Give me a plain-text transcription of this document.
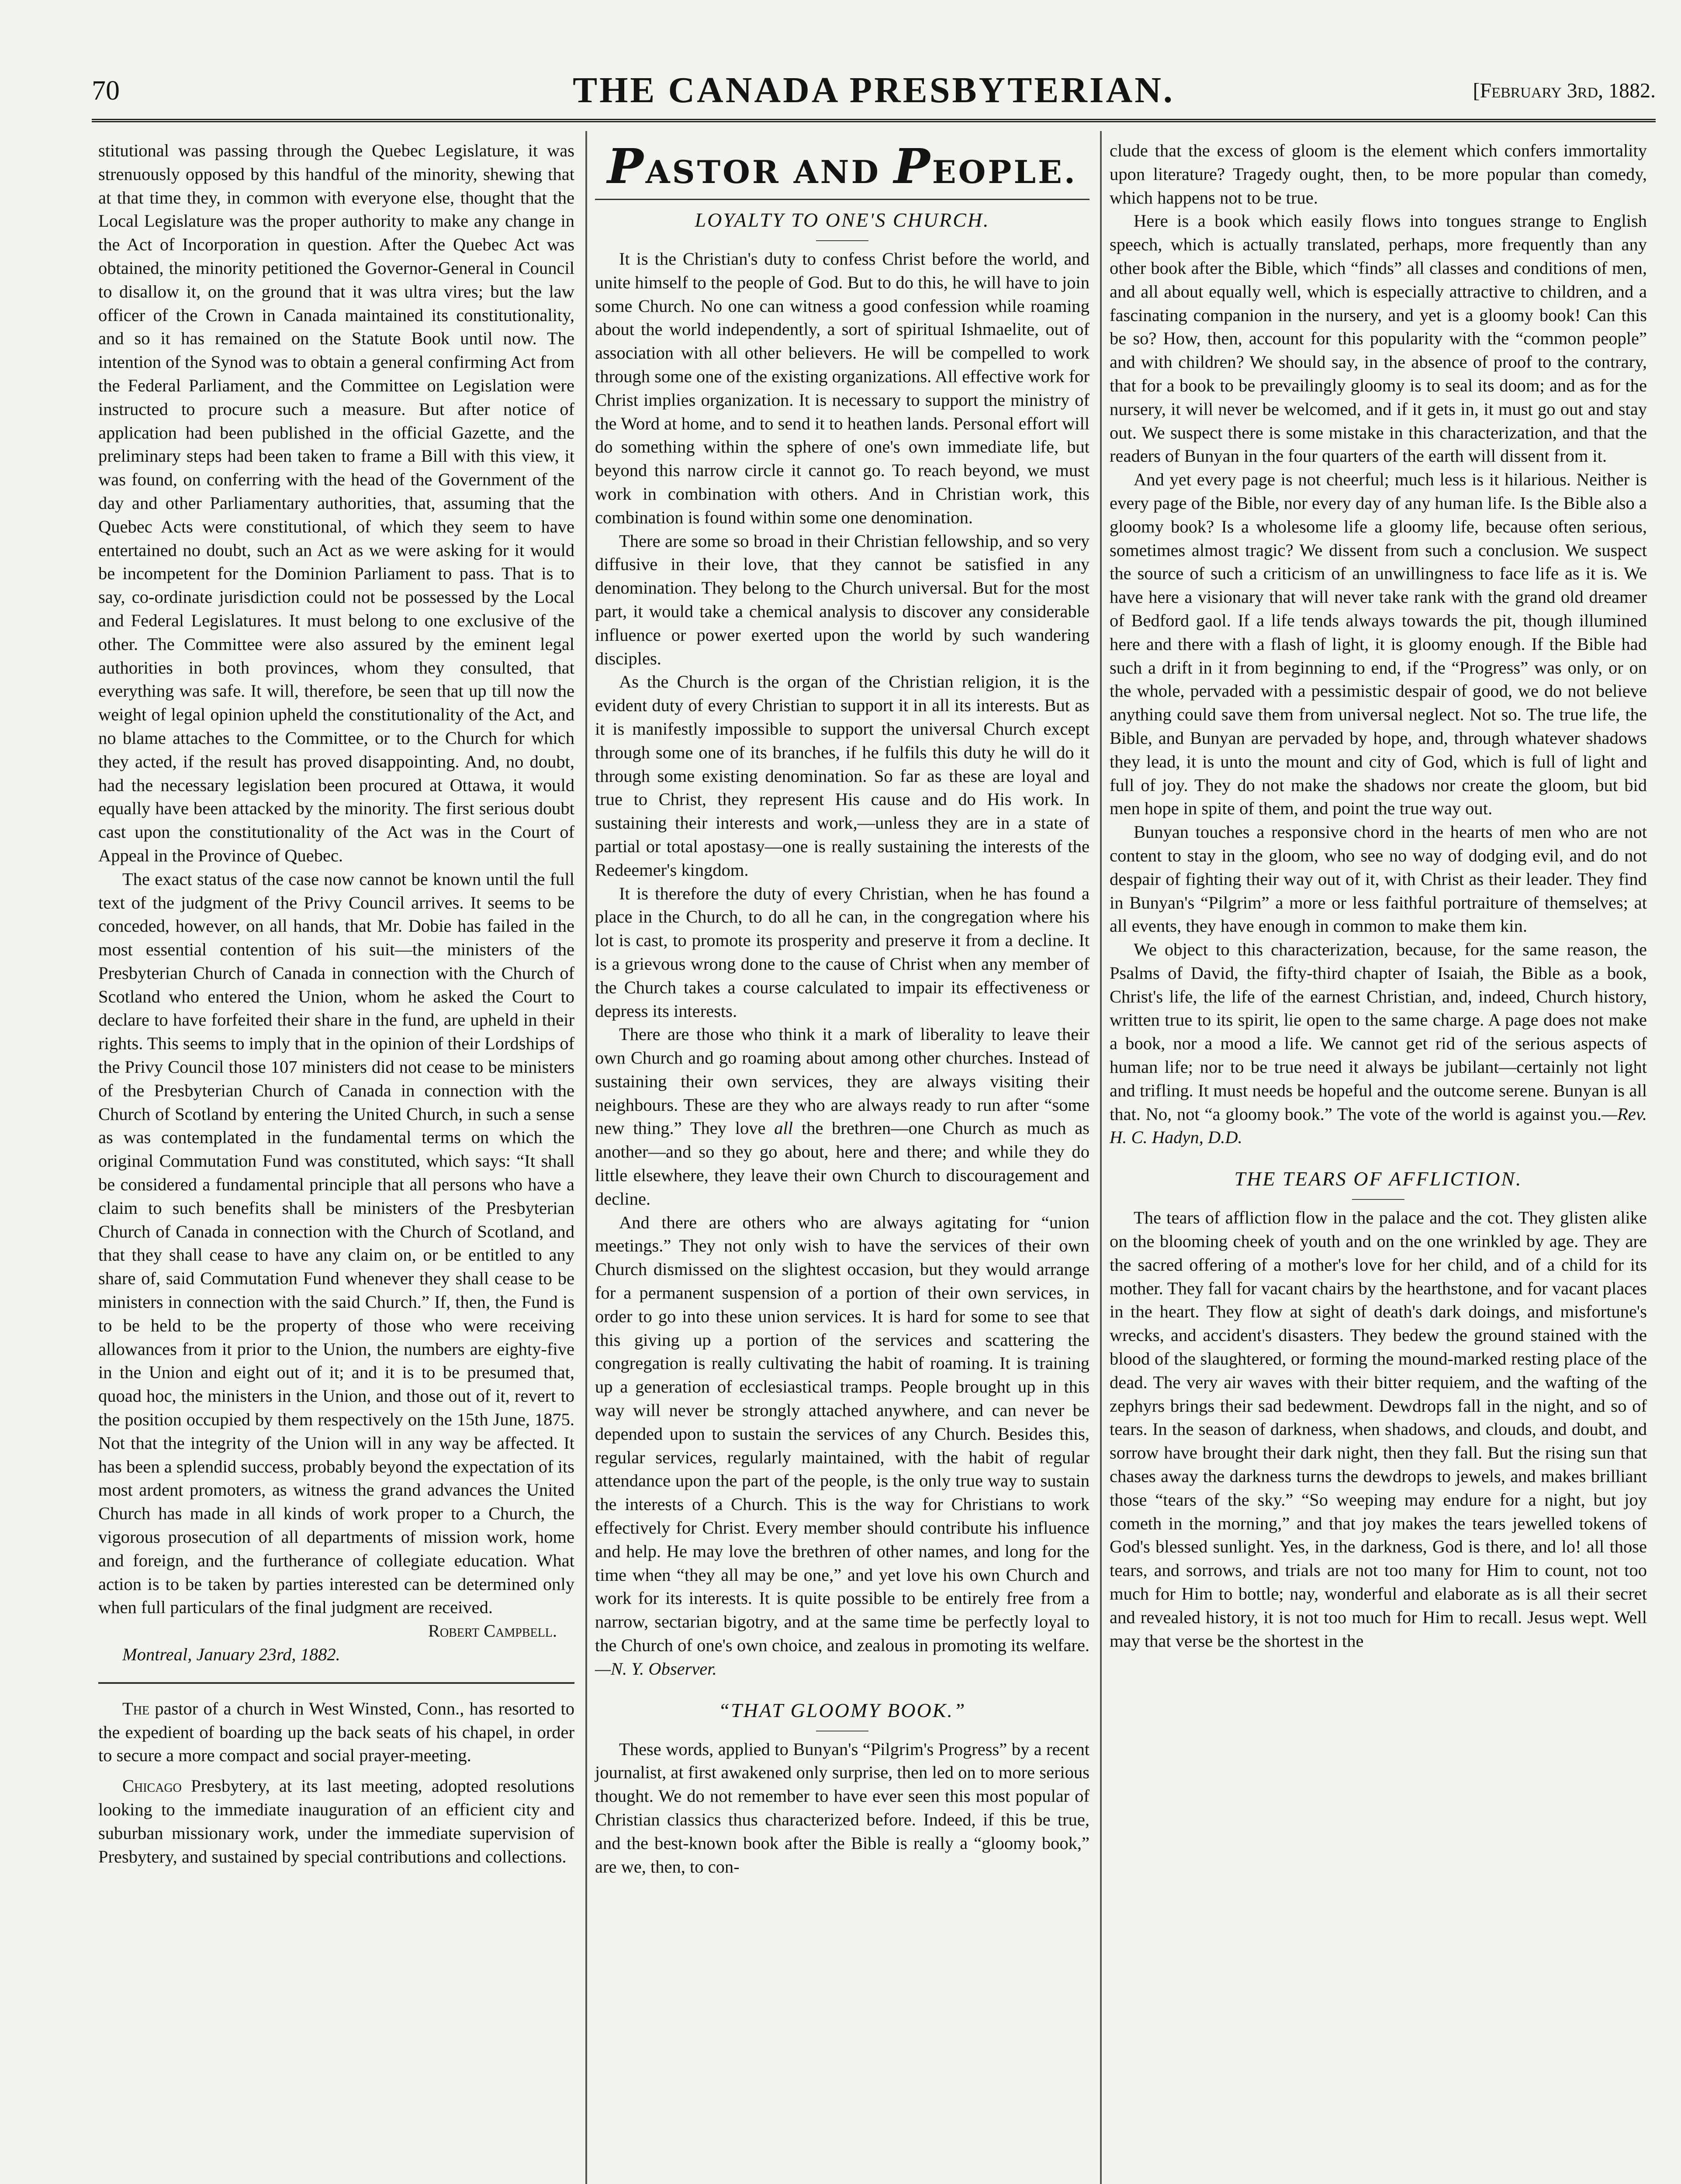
70	THE CANADA PRESBYTERIAN.	[February 3rd, 1882.

stitutional was passing through the Quebec Legislature, it was strenuously opposed by this handful of the minority, shewing that at that time they, in common with everyone else, thought that the Local Legislature was the proper authority to make any change in the Act of Incorporation in question. After the Quebec Act was obtained, the minority petitioned the Governor-General in Council to disallow it, on the ground that it was ultra vires; but the law officer of the Crown in Canada maintained its constitutionality, and so it has remained on the Statute Book until now. The intention of the Synod was to obtain a general confirming Act from the Federal Parliament, and the Committee on Legislation were instructed to procure such a measure. But after notice of application had been published in the official Gazette, and the preliminary steps had been taken to frame a Bill with this view, it was found, on conferring with the head of the Government of the day and other Parliamentary authorities, that, assuming that the Quebec Acts were constitutional, of which they seem to have entertained no doubt, such an Act as we were asking for it would be incompetent for the Dominion Parliament to pass. That is to say, co-ordinate jurisdiction could not be possessed by the Local and Federal Legislatures. It must belong to one exclusive of the other. The Committee were also assured by the eminent legal authorities in both provinces, whom they consulted, that everything was safe. It will, therefore, be seen that up till now the weight of legal opinion upheld the constitutionality of the Act, and no blame attaches to the Committee, or to the Church for which they acted, if the result has proved disappointing. And, no doubt, had the necessary legislation been procured at Ottawa, it would equally have been attacked by the minority. The first serious doubt cast upon the constitutionality of the Act was in the Court of Appeal in the Province of Quebec.

The exact status of the case now cannot be known until the full text of the judgment of the Privy Council arrives. It seems to be conceded, however, on all hands, that Mr. Dobie has failed in the most essential contention of his suit—the ministers of the Presbyterian Church of Canada in connection with the Church of Scotland who entered the Union, whom he asked the Court to declare to have forfeited their share in the fund, are upheld in their rights. This seems to imply that in the opinion of their Lordships of the Privy Council those 107 ministers did not cease to be ministers of the Presbyterian Church of Canada in connection with the Church of Scotland by entering the United Church, in such a sense as was contemplated in the fundamental terms on which the original Commutation Fund was constituted, which says: “It shall be considered a fundamental principle that all persons who have a claim to such benefits shall be ministers of the Presbyterian Church of Canada in connection with the Church of Scotland, and that they shall cease to have any claim on, or be entitled to any share of, said Commutation Fund whenever they shall cease to be ministers in connection with the said Church.” If, then, the Fund is to be held to be the property of those who were receiving allowances from it prior to the Union, the numbers are eighty-five in the Union and eight out of it; and it is to be presumed that, quoad hoc, the ministers in the Union, and those out of it, revert to the position occupied by them respectively on the 15th June, 1875. Not that the integrity of the Union will in any way be affected. It has been a splendid success, probably beyond the expectation of its most ardent promoters, as witness the grand advances the United Church has made in all kinds of work proper to a Church, the vigorous prosecution of all departments of mission work, home and foreign, and the furtherance of collegiate education. What action is to be taken by parties interested can be determined only when full particulars of the final judgment are received.

Robert Campbell.

Montreal, January 23rd, 1882.

The pastor of a church in West Winsted, Conn., has resorted to the expedient of boarding up the back seats of his chapel, in order to secure a more compact and social prayer-meeting.

Chicago Presbytery, at its last meeting, adopted resolutions looking to the immediate inauguration of an efficient city and suburban missionary work, under the immediate supervision of Presbytery, and sustained by special contributions and collections.

PASTOR AND PEOPLE.
LOYALTY TO ONE'S CHURCH.

It is the Christian's duty to confess Christ before the world, and unite himself to the people of God. But to do this, he will have to join some Church. No one can witness a good confession while roaming about the world independently, a sort of spiritual Ishmaelite, out of association with all other believers. He will be compelled to work through some one of the existing organizations. All effective work for Christ implies organization. It is necessary to support the ministry of the Word at home, and to send it to heathen lands. Personal effort will do something within the sphere of one's own immediate life, but beyond this narrow circle it cannot go. To reach beyond, we must work in combination with others. And in Christian work, this combination is found within some one denomination.

There are some so broad in their Christian fellowship, and so very diffusive in their love, that they cannot be satisfied in any denomination. They belong to the Church universal. But for the most part, it would take a chemical analysis to discover any considerable influence or power exerted upon the world by such wandering disciples.

As the Church is the organ of the Christian religion, it is the evident duty of every Christian to support it in all its interests. But as it is manifestly impossible to support the universal Church except through some one of its branches, if he fulfils this duty he will do it through some existing denomination. So far as these are loyal and true to Christ, they represent His cause and do His work. In sustaining their interests and work,—unless they are in a state of partial or total apostasy—one is really sustaining the interests of the Redeemer's kingdom.

It is therefore the duty of every Christian, when he has found a place in the Church, to do all he can, in the congregation where his lot is cast, to promote its prosperity and preserve it from a decline. It is a grievous wrong done to the cause of Christ when any member of the Church takes a course calculated to impair its effectiveness or depress its interests.

There are those who think it a mark of liberality to leave their own Church and go roaming about among other churches. Instead of sustaining their own services, they are always visiting their neighbours. These are they who are always ready to run after “some new thing.” They love all the brethren—one Church as much as another—and so they go about, here and there; and while they do little elsewhere, they leave their own Church to discouragement and decline.

And there are others who are always agitating for “union meetings.” They not only wish to have the services of their own Church dismissed on the slightest occasion, but they would arrange for a permanent suspension of a portion of their own services, in order to go into these union services. It is hard for some to see that this giving up a portion of the services and scattering the congregation is really cultivating the habit of roaming. It is training up a generation of ecclesiastical tramps. People brought up in this way will never be strongly attached anywhere, and can never be depended upon to sustain the services of any Church. Besides this, regular services, regularly maintained, with the habit of regular attendance upon the part of the people, is the only true way to sustain the interests of a Church. This is the way for Christians to work effectively for Christ. Every member should contribute his influence and help. He may love the brethren of other names, and long for the time when “they all may be one,” and yet love his own Church and work for its interests. It is quite possible to be entirely free from a narrow, sectarian bigotry, and at the same time be perfectly loyal to the Church of one's own choice, and zealous in promoting its welfare.—N. Y. Observer.

“THAT GLOOMY BOOK.”

These words, applied to Bunyan's “Pilgrim's Progress” by a recent journalist, at first awakened only surprise, then led on to more serious thought. We do not remember to have ever seen this most popular of Christian classics thus characterized before. Indeed, if this be true, and the best-known book after the Bible is really a “gloomy book,” are we, then, to con-

clude that the excess of gloom is the element which confers immortality upon literature? Tragedy ought, then, to be more popular than comedy, which happens not to be true.

Here is a book which easily flows into tongues strange to English speech, which is actually translated, perhaps, more frequently than any other book after the Bible, which “finds” all classes and conditions of men, and all about equally well, which is especially attractive to children, and a fascinating companion in the nursery, and yet is a gloomy book! Can this be so? How, then, account for this popularity with the “common people” and with children? We should say, in the absence of proof to the contrary, that for a book to be prevailingly gloomy is to seal its doom; and as for the nursery, it will never be welcomed, and if it gets in, it must go out and stay out. We suspect there is some mistake in this characterization, and that the readers of Bunyan in the four quarters of the earth will dissent from it.

And yet every page is not cheerful; much less is it hilarious. Neither is every page of the Bible, nor every day of any human life. Is the Bible also a gloomy book? Is a wholesome life a gloomy life, because often serious, sometimes almost tragic? We dissent from such a conclusion. We suspect the source of such a criticism of an unwillingness to face life as it is. We have here a visionary that will never take rank with the grand old dreamer of Bedford gaol. If a life tends always towards the pit, though illumined here and there with a flash of light, it is gloomy enough. If the Bible had such a drift in it from beginning to end, if the “Progress” was only, or on the whole, pervaded with a pessimistic despair of good, we do not believe anything could save them from universal neglect. Not so. The true life, the Bible, and Bunyan are pervaded by hope, and, through whatever shadows they lead, it is unto the mount and city of God, which is full of light and full of joy. They do not make the shadows nor create the gloom, but bid men hope in spite of them, and point the true way out.

Bunyan touches a responsive chord in the hearts of men who are not content to stay in the gloom, who see no way of dodging evil, and do not despair of fighting their way out of it, with Christ as their leader. They find in Bunyan's “Pilgrim” a more or less faithful portraiture of themselves; at all events, they have enough in common to make them kin.

We object to this characterization, because, for the same reason, the Psalms of David, the fifty-third chapter of Isaiah, the Bible as a book, Christ's life, the life of the earnest Christian, and, indeed, Church history, written true to its spirit, lie open to the same charge. A page does not make a book, nor a mood a life. We cannot get rid of the serious aspects of human life; nor to be true need it always be jubilant—certainly not light and trifling. It must needs be hopeful and the outcome serene. Bunyan is all that. No, not “a gloomy book.” The vote of the world is against you.—Rev. H. C. Hadyn, D.D.

THE TEARS OF AFFLICTION.

The tears of affliction flow in the palace and the cot. They glisten alike on the blooming cheek of youth and on the one wrinkled by age. They are the sacred offering of a mother's love for her child, and of a child for its mother. They fall for vacant chairs by the hearthstone, and for vacant places in the heart. They flow at sight of death's dark doings, and misfortune's wrecks, and accident's disasters. They bedew the ground stained with the blood of the slaughtered, or forming the mound-marked resting place of the dead. The very air waves with their bitter requiem, and the wafting of the zephyrs brings their sad bedewment. Dewdrops fall in the night, and so of tears. In the season of darkness, when shadows, and clouds, and doubt, and sorrow have brought their dark night, then they fall. But the rising sun that chases away the darkness turns the dewdrops to jewels, and makes brilliant those “tears of the sky.” “So weeping may endure for a night, but joy cometh in the morning,” and that joy makes the tears jewelled tokens of God's blessed sunlight. Yes, in the darkness, God is there, and lo! all those tears, and sorrows, and trials are not too many for Him to count, not too much for Him to bottle; nay, wonderful and elaborate as is all their secret and revealed history, it is not too much for Him to recall. Jesus wept. Well may that verse be the shortest in the
